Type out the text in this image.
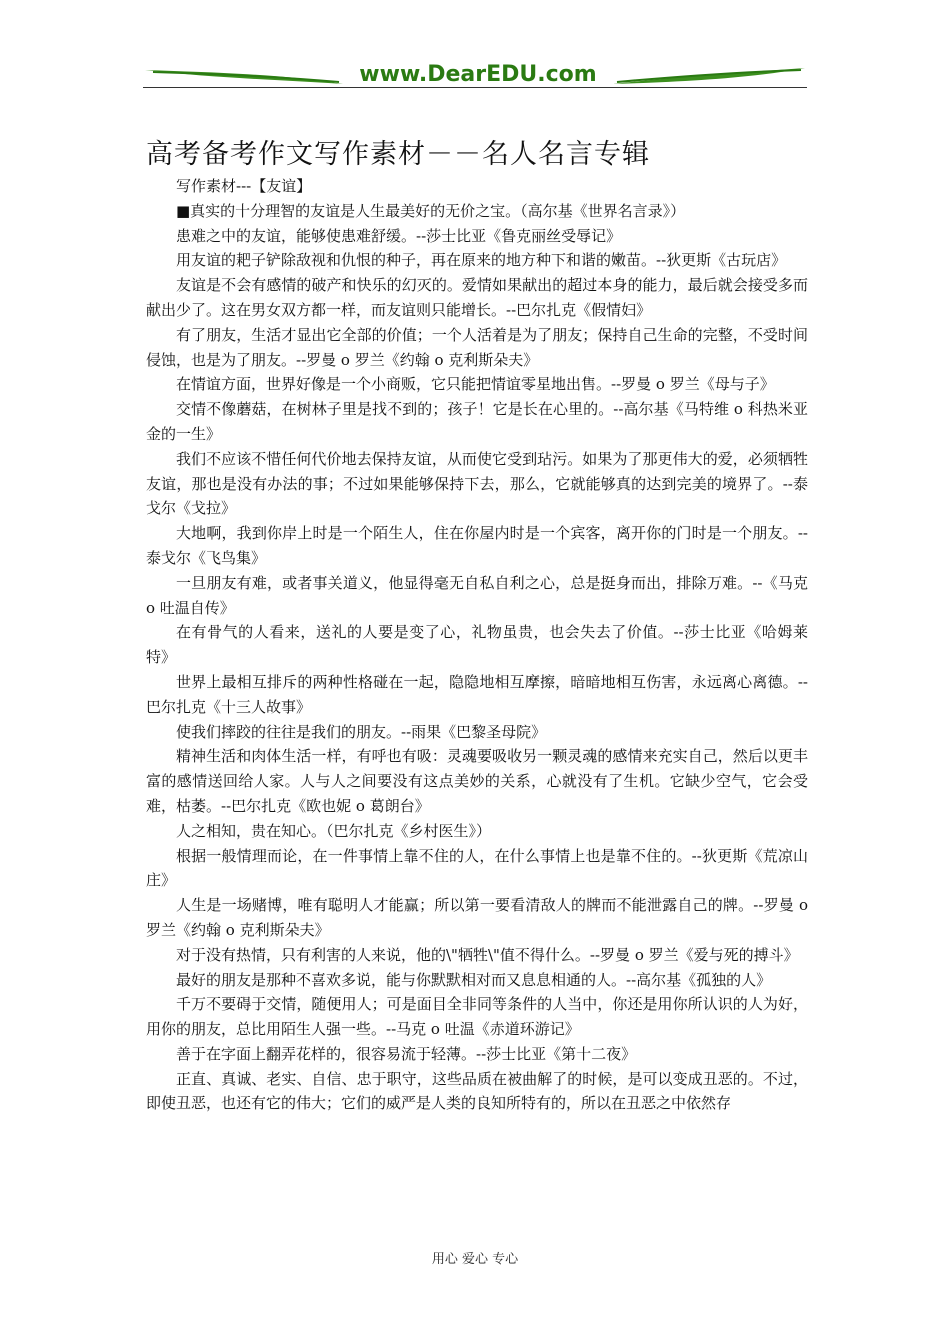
www.DearEDU.com
高考备考作文写作素材－－名人名言专辑

写作素材---【友谊】

■真实的十分理智的友谊是人生最美好的无价之宝。（高尔基《世界名言录》）

患难之中的友谊，能够使患难舒缓。--莎士比亚《鲁克丽丝受辱记》

用友谊的耙子铲除敌视和仇恨的种子，再在原来的地方种下和谐的嫩苗。--狄更斯《古玩店》

友谊是不会有感情的破产和快乐的幻灭的。爱情如果献出的超过本身的能力，最后就会接受多而献出少了。这在男女双方都一样，而友谊则只能增长。--巴尔扎克《假情妇》

有了朋友，生活才显出它全部的价值；一个人活着是为了朋友；保持自己生命的完整，不受时间侵蚀，也是为了朋友。--罗曼 o 罗兰《约翰 o 克利斯朵夫》

在情谊方面，世界好像是一个小商贩，它只能把情谊零星地出售。--罗曼 o 罗兰《母与子》

交情不像蘑菇，在树林子里是找不到的；孩子！它是长在心里的。--高尔基《马特维 o 科热米亚金的一生》

我们不应该不惜任何代价地去保持友谊，从而使它受到玷污。如果为了那更伟大的爱，必须牺牲友谊，那也是没有办法的事；不过如果能够保持下去，那么，它就能够真的达到完美的境界了。--泰戈尔《戈拉》

大地啊，我到你岸上时是一个陌生人，住在你屋内时是一个宾客，离开你的门时是一个朋友。--泰戈尔《飞鸟集》

一旦朋友有难，或者事关道义，他显得毫无自私自利之心，总是挺身而出，排除万难。--《马克 o 吐温自传》

在有骨气的人看来，送礼的人要是变了心，礼物虽贵，也会失去了价值。--莎士比亚《哈姆莱特》

世界上最相互排斥的两种性格碰在一起，隐隐地相互摩擦，暗暗地相互伤害，永远离心离德。--巴尔扎克《十三人故事》

使我们摔跤的往往是我们的朋友。--雨果《巴黎圣母院》

精神生活和肉体生活一样，有呼也有吸：灵魂要吸收另一颗灵魂的感情来充实自己，然后以更丰富的感情送回给人家。人与人之间要没有这点美妙的关系，心就没有了生机。它缺少空气，它会受难，枯萎。--巴尔扎克《欧也妮 o 葛朗台》

人之相知，贵在知心。（巴尔扎克《乡村医生》）

根据一般情理而论，在一件事情上靠不住的人，在什么事情上也是靠不住的。--狄更斯《荒凉山庄》

人生是一场赌博，唯有聪明人才能赢；所以第一要看清敌人的牌而不能泄露自己的牌。--罗曼 o 罗兰《约翰 o 克利斯朵夫》

对于没有热情，只有利害的人来说，他的\"牺牲\"值不得什么。--罗曼 o 罗兰《爱与死的搏斗》

最好的朋友是那种不喜欢多说，能与你默默相对而又息息相通的人。--高尔基《孤独的人》

千万不要碍于交情，随便用人；可是面目全非同等条件的人当中，你还是用你所认识的人为好，用你的朋友，总比用陌生人强一些。--马克 o 吐温《赤道环游记》

善于在字面上翻弄花样的，很容易流于轻薄。--莎士比亚《第十二夜》

正直、真诚、老实、自信、忠于职守，这些品质在被曲解了的时候，是可以变成丑恶的。不过，即使丑恶，也还有它的伟大；它们的威严是人类的良知所特有的，所以在丑恶之中依然存

用心 爱心 专心
